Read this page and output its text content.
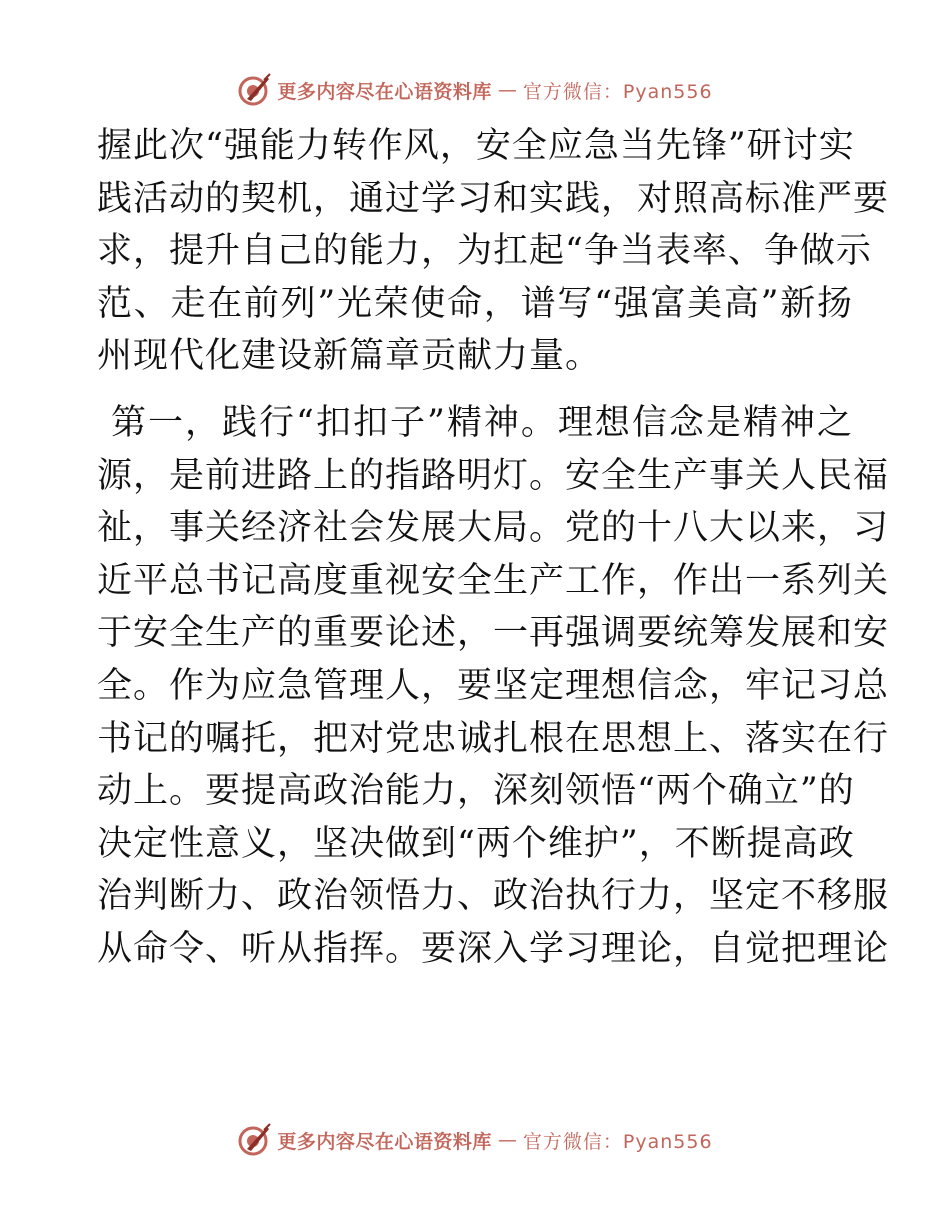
更多内容尽在心语资料库 — 官方微信：Pyan556
握此次“强能力转作风，安全应急当先锋”研讨实
践活动的契机，通过学习和实践，对照高标准严要
求，提升自己的能力，为扛起“争当表率、争做示
范、走在前列”光荣使命，谱写“强富美高”新扬
州现代化建设新篇章贡献力量。
第一，践行“扣扣子”精神。理想信念是精神之
源，是前进路上的指路明灯。安全生产事关人民福
祉，事关经济社会发展大局。党的十八大以来，习
近平总书记高度重视安全生产工作，作出一系列关
于安全生产的重要论述，一再强调要统筹发展和安
全。作为应急管理人，要坚定理想信念，牢记习总
书记的嘱托，把对党忠诚扎根在思想上、落实在行
动上。要提高政治能力，深刻领悟“两个确立”的
决定性意义，坚决做到“两个维护”，不断提高政
治判断力、政治领悟力、政治执行力，坚定不移服
从命令、听从指挥。要深入学习理论，自觉把理论
更多内容尽在心语资料库 — 官方微信：Pyan556
